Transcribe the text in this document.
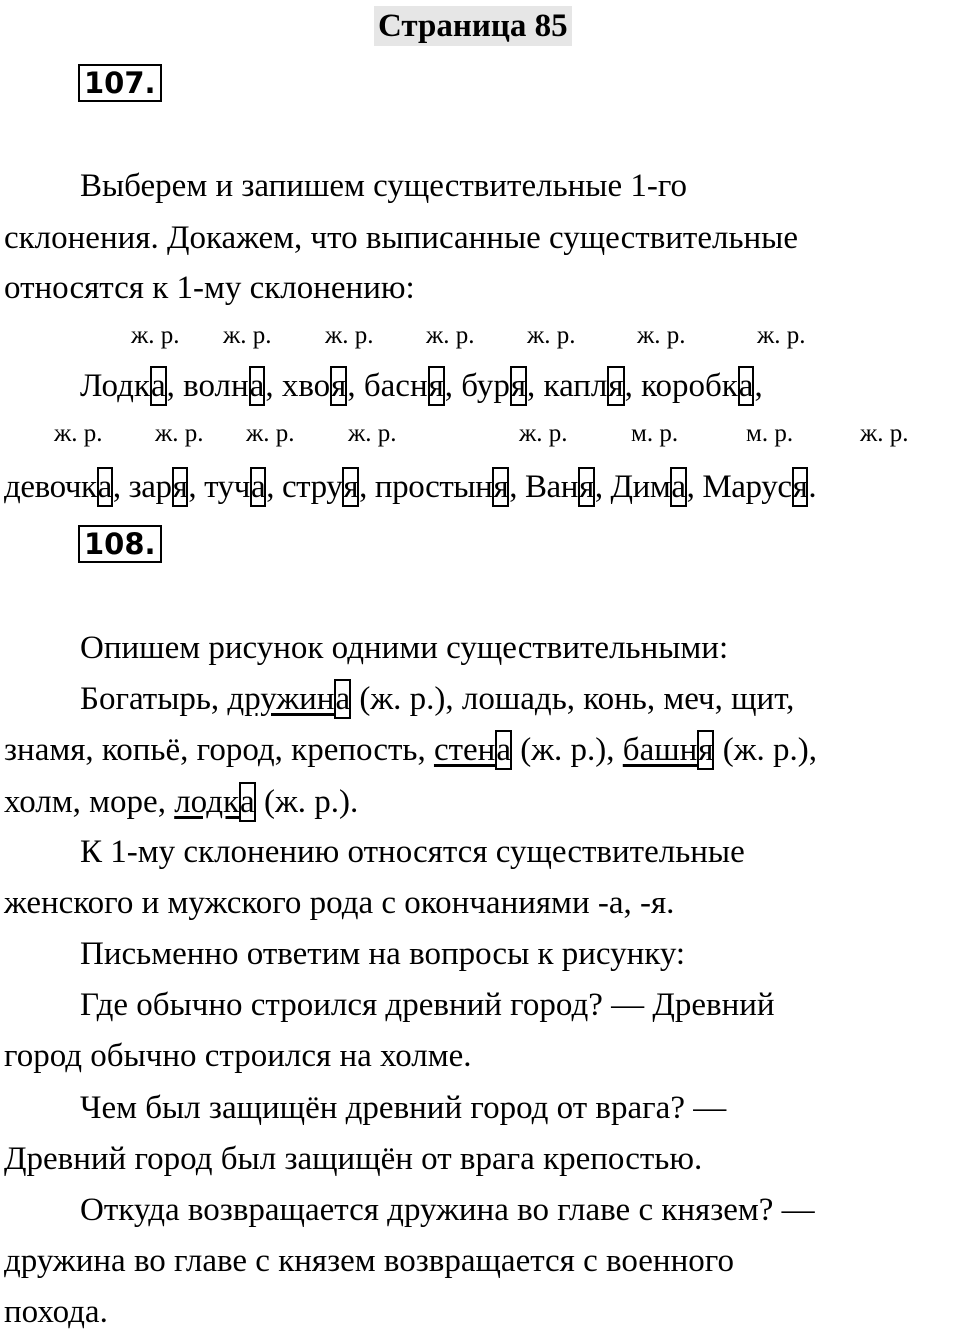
Страница 85
107.
Выберем и запишем существительные 1-го
склонения. Докажем, что выписанные существительные
относятся к 1-му склонению:
ж. р. ж. р. ж. р. ж. р. ж. р. ж. р.	ж. р.
Лодка, волна, хвоя, басня, буря, капля, коробка,
ж. р. ж. р. ж. р. ж. р.	ж. р.	м. р.	м. р.	ж. р.
девочка, заря, туча, струя, простыня, Ваня, Дима, Маруся.
108.
Опишем рисунок одними существительными:
Богатырь, дружина (ж. р.), лошадь, конь, меч, щит,
знамя, копьё, город, крепость, стена (ж. р.), башня (ж. р.),
холм, море, лодка (ж. р.).
К 1-му склонению относятся существительные
женского и мужского рода с окончаниями -а, -я.
Письменно ответим на вопросы к рисунку:
Где обычно строился древний город? — Древний
город обычно строился на холме.
Чем был защищён древний город от врага? —
Древний город был защищён от врага крепостью.
Откуда возвращается дружина во главе с князем? —
дружина во главе с князем возвращается с военного
похода.
